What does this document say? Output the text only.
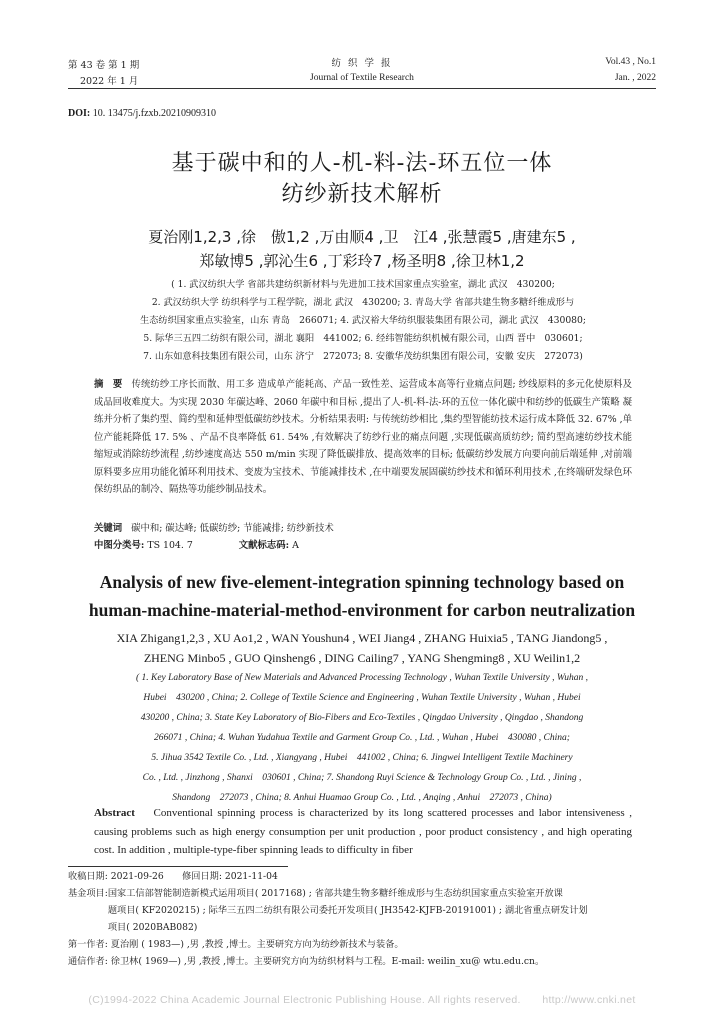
第 43 卷 第 1 期
2022 年 1 月
纺 织 学 报
Journal of Textile Research
Vol.43 , No.1
Jan. , 2022
DOI: 10. 13475/j.fzxb.20210909310
基于碳中和的人-机-料-法-环五位一体
纺纱新技术解析
夏治刚1,2,3 ,徐　傲1,2 ,万由顺4 ,卫　江4 ,张慧霞5 ,唐建东5 ,
郑敏博5 ,郭沁生6 ,丁彩玲7 ,杨圣明8 ,徐卫林1,2
( 1. 武汉纺织大学 省部共建纺织新材料与先进加工技术国家重点实验室，湖北 武汉　430200;
2. 武汉纺织大学 纺织科学与工程学院，湖北 武汉　430200; 3. 青岛大学 省部共建生物多糖纤维成形与
生态纺织国家重点实验室，山东 青岛　266071; 4. 武汉裕大华纺织服装集团有限公司，湖北 武汉　430080;
5. 际华三五四二纺织有限公司，湖北 襄阳　441002; 6. 经纬智能纺织机械有限公司，山西 晋中　030601;
7. 山东如意科技集团有限公司，山东 济宁　272073; 8. 安徽华茂纺织集团有限公司，安徽 安庆　272073)
摘　要 传统纺纱工序长而散、用工多 造成单产能耗高、产品一致性差、运营成本高等行业痛点问题; 纱线原料的多元化使原料及成品回收难度大。为实现 2030 年碳达峰、2060 年碳中和目标 ,提出了人-机-料-法-环的五位一体化碳中和纺纱的低碳生产策略 凝练并分析了集约型、简约型和延伸型低碳纺纱技术。分析结果表明: 与传统纺纱相比 ,集约型智能纺技术运行成本降低 32. 67% ,单位产能耗降低 17. 5% 、产品不良率降低 61. 54% ,有效解决了纺纱行业的痛点问题 ,实现低碳高质纺纱; 简约型高速纺纱技术能缩短或消除纺纱流程 ,纺纱速度高达 550 m/min 实现了降低碳排放、提高效率的目标; 低碳纺纱发展方向要向前后端延伸 ,对前端原料要多应用功能化循环利用技术、变废为宝技术、节能减排技术 ,在中端要发展固碳纺纱技术和循环利用技术 ,在终端研发绿色环保纺织品的制冷、隔热等功能纱制品技术。
关键词 碳中和; 碳达峰; 低碳纺纱; 节能减排; 纺纱新技术
中图分类号: TS 104. 7	文献标志码: A
Analysis of new five-element-integration spinning technology based on
human-machine-material-method-environment for carbon neutralization
XIA Zhigang1,2,3 , XU Ao1,2 , WAN Youshun4 , WEI Jiang4 , ZHANG Huixia5 , TANG Jiandong5 ,
ZHENG Minbo5 , GUO Qinsheng6 , DING Cailing7 , YANG Shengming8 , XU Weilin1,2
( 1. Key Laboratory Base of New Materials and Advanced Processing Technology , Wuhan Textile University , Wuhan ,
Hubei　430200 , China; 2. College of Textile Science and Engineering , Wuhan Textile University , Wuhan , Hubei
430200 , China; 3. State Key Laboratory of Bio-Fibers and Eco-Textiles , Qingdao University , Qingdao , Shandong
266071 , China; 4. Wuhan Yudahua Textile and Garment Group Co. , Ltd. , Wuhan , Hubei　430080 , China;
5. Jihua 3542 Textile Co. , Ltd. , Xiangyang , Hubei　441002 , China; 6. Jingwei Intelligent Textile Machinery
Co. , Ltd. , Jinzhong , Shanxi　030601 , China; 7. Shandong Ruyi Science & Technology Group Co. , Ltd. , Jining ,
Shandong　272073 , China; 8. Anhui Huamao Group Co. , Ltd. , Anqing , Anhui　272073 , China)
Abstract Conventional spinning process is characterized by its long scattered processes and labor intensiveness , causing problems such as high energy consumption per unit production , poor product consistency , and high operating cost. In addition , multiple-type-fiber spinning leads to difficulty in fiber
收稿日期: 2021-09-26　　修回日期: 2021-11-04
基金项目: 国家工信部智能制造新模式运用项目( 2017168) ; 省部共建生物多糖纤维成形与生态纺织国家重点实验室开放课
题项目( KF2020215) ; 际华三五四二纺织有限公司委托开发项目( JH3542-KJFB-20191001) ; 湖北省重点研发计划
项目( 2020BAB082)
第一作者: 夏治刚 ( 1983—) ,男 ,教授 ,博士。主要研究方向为纺纱新技术与装备。
通信作者: 徐卫林( 1969—) ,男 ,教授 ,博士。主要研究方向为纺织材料与工程。E-mail: weilin_xu@ wtu.edu.cn。
(C)1994-2022 China Academic Journal Electronic Publishing House. All rights reserved.　　http://www.cnki.net
